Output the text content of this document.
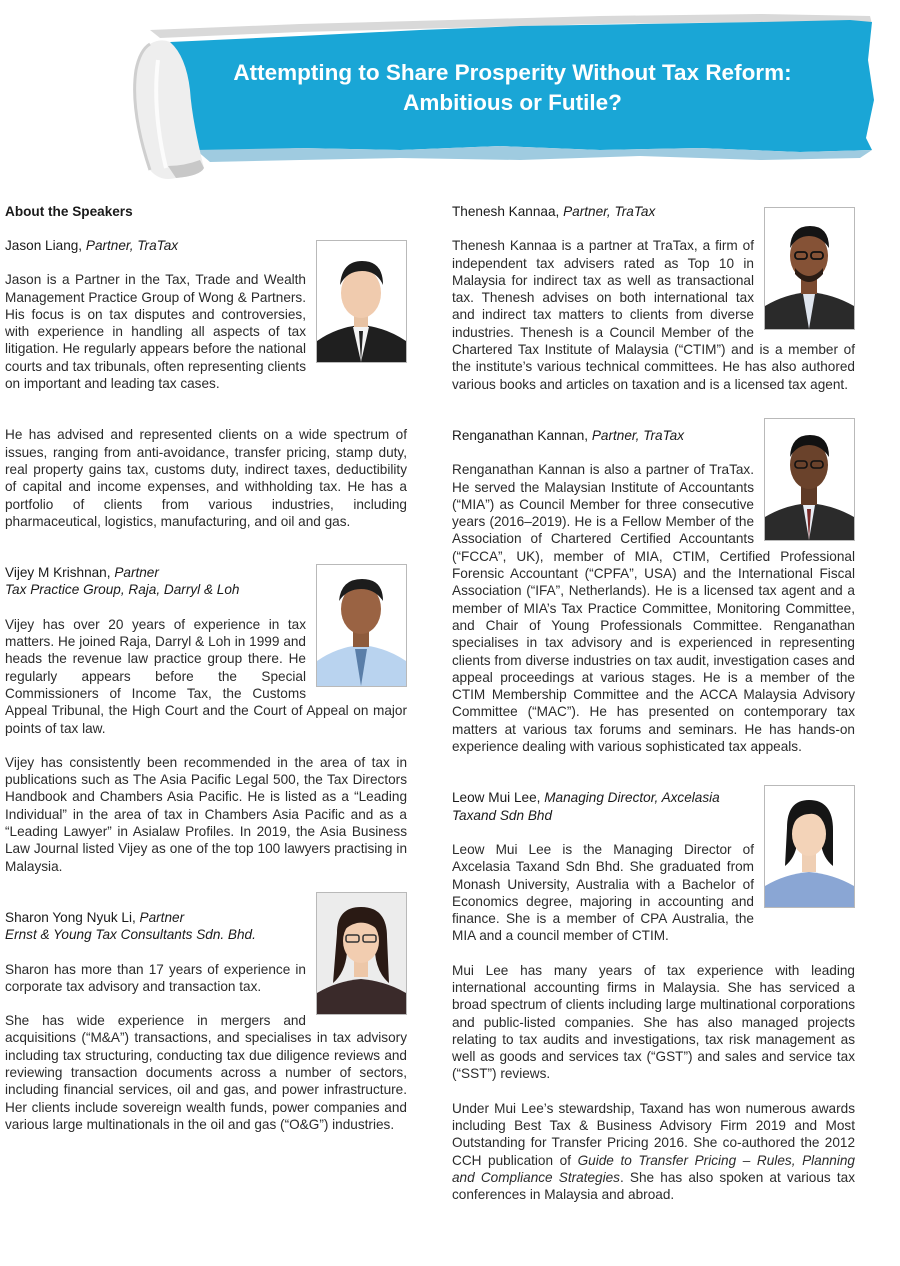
Attempting to Share Prosperity Without Tax Reform:
Ambitious or Futile?
About the Speakers

Jason Liang, Partner, TraTax

Jason is a Partner in the Tax, Trade and Wealth Management Practice Group of Wong & Partners. His focus is on tax disputes and controversies, with experience in handling all aspects of tax litigation. He regularly appears before the national courts and tax tribunals, often representing clients on important and leading tax cases.

He has advised and represented clients on a wide spectrum of issues, ranging from anti-avoidance, transfer pricing, stamp duty, real property gains tax, customs duty, indirect taxes, deductibility of capital and income expenses, and withholding tax. He has a portfolio of clients from various industries, including pharmaceutical, logistics, manufacturing, and oil and gas.

Vijey M Krishnan, Partner

Tax Practice Group, Raja, Darryl & Loh

Vijey has over 20 years of experience in tax matters. He joined Raja, Darryl & Loh in 1999 and heads the revenue law practice group there. He regularly appears before the Special Commissioners of Income Tax, the Customs Appeal Tribunal, the High Court and the Court of Appeal on major points of tax law.

Vijey has consistently been recommended in the area of tax in publications such as The Asia Pacific Legal 500, the Tax Directors Handbook and Chambers Asia Pacific. He is listed as a “Leading Individual” in the area of tax in Chambers Asia Pacific and as a “Leading Lawyer” in Asialaw Profiles. In 2019, the Asia Business Law Journal listed Vijey as one of the top 100 lawyers practising in Malaysia.

Sharon Yong Nyuk Li, Partner

Ernst & Young Tax Consultants Sdn. Bhd.

Sharon has more than 17 years of experience in corporate tax advisory and transaction tax.

She has wide experience in mergers and acquisitions (“M&A”) transactions, and specialises in tax advisory including tax structuring, conducting tax due diligence reviews and reviewing transaction documents across a number of sectors, including financial services, oil and gas, and power infrastructure. Her clients include sovereign wealth funds, power companies and various large multinationals in the oil and gas (“O&G”) industries.

Thenesh Kannaa, Partner, TraTax

Thenesh Kannaa is a partner at TraTax, a firm of independent tax advisers rated as Top 10 in Malaysia for indirect tax as well as transactional tax. Thenesh advises on both international tax and indirect tax matters to clients from diverse industries. Thenesh is a Council Member of the Chartered Tax Institute of Malaysia (“CTIM”) and is a member of the institute’s various technical committees. He has also authored various books and articles on taxation and is a licensed tax agent.

Renganathan Kannan, Partner, TraTax

Renganathan Kannan is also a partner of TraTax. He served the Malaysian Institute of Accountants (“MIA”) as Council Member for three consecutive years (2016–2019). He is a Fellow Member of the Association of Chartered Certified Accountants (“FCCA”, UK), member of MIA, CTIM, Certified Professional Forensic Accountant (“CPFA”, USA) and the International Fiscal Association (“IFA”, Netherlands). He is a licensed tax agent and a member of MIA’s Tax Practice Committee, Monitoring Committee, and Chair of Young Professionals Committee. Renganathan specialises in tax advisory and is experienced in representing clients from diverse industries on tax audit, investigation cases and appeal proceedings at various stages. He is a member of the CTIM Membership Committee and the ACCA Malaysia Advisory Committee (“MAC”). He has presented on contemporary tax matters at various tax forums and seminars. He has hands-on experience dealing with various sophisticated tax appeals.

Leow Mui Lee, Managing Director, Axcelasia Taxand Sdn Bhd

Leow Mui Lee is the Managing Director of Axcelasia Taxand Sdn Bhd. She graduated from Monash University, Australia with a Bachelor of Economics degree, majoring in accounting and finance. She is a member of CPA Australia, the MIA and a council member of CTIM.

Mui Lee has many years of tax experience with leading international accounting firms in Malaysia. She has serviced a broad spectrum of clients including large multinational corporations and public-listed companies. She has also managed projects relating to tax audits and investigations, tax risk management as well as goods and services tax (“GST”) and sales and service tax (“SST”) reviews.

Under Mui Lee’s stewardship, Taxand has won numerous awards including Best Tax & Business Advisory Firm 2019 and Most Outstanding for Transfer Pricing 2016. She co-authored the 2012 CCH publication of Guide to Transfer Pricing – Rules, Planning and Compliance Strategies. She has also spoken at various tax conferences in Malaysia and abroad.
